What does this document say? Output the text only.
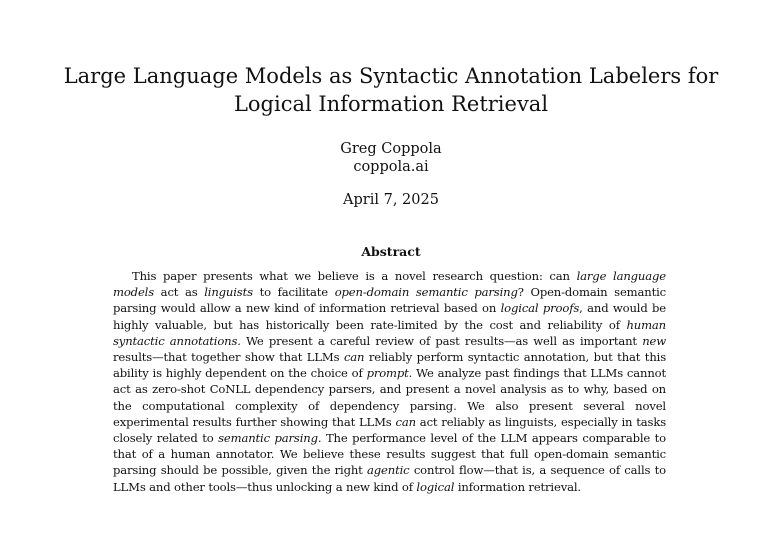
Large Language Models as Syntactic Annotation Labelers for
Logical Information Retrieval
Greg Coppola
coppola.ai
April 7, 2025
Abstract

This paper presents what we believe is a novel research question: can large language models act as linguists to facilitate open-domain semantic parsing? Open-domain semantic parsing would allow a new kind of information retrieval based on logical proofs, and would be highly valuable, but has historically been rate-limited by the cost and reliability of human syntactic annotations. We present a careful review of past results—as well as important new results—that together show that LLMs can reliably perform syntactic annotation, but that this ability is highly dependent on the choice of prompt. We analyze past findings that LLMs cannot act as zero-shot CoNLL dependency parsers, and present a novel analysis as to why, based on the computational complexity of dependency parsing. We also present several novel experimental results further showing that LLMs can act reliably as linguists, especially in tasks closely related to semantic parsing. The performance level of the LLM appears comparable to that of a human annotator. We believe these results suggest that full open-domain semantic parsing should be possible, given the right agentic control flow—that is, a sequence of calls to LLMs and other tools—thus unlocking a new kind of logical information retrieval.
